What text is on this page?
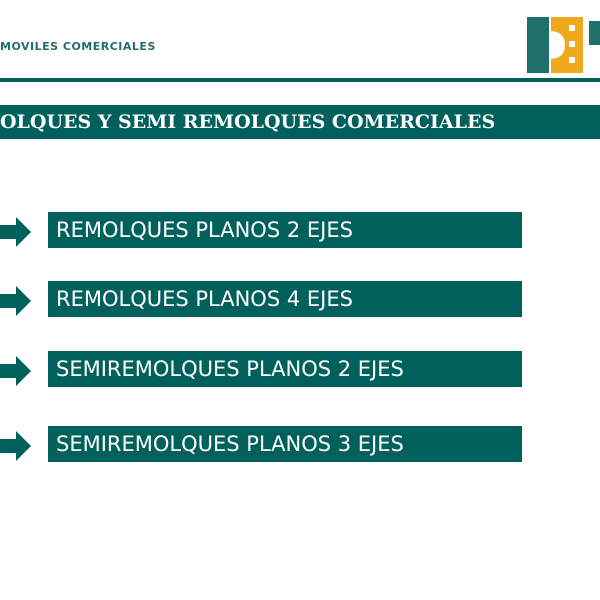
MOVILES COMERCIALES
OLQUES Y SEMI REMOLQUES COMERCIALES
REMOLQUES PLANOS 2 EJES
REMOLQUES PLANOS 4 EJES
SEMIREMOLQUES PLANOS 2 EJES
SEMIREMOLQUES PLANOS 3 EJES
